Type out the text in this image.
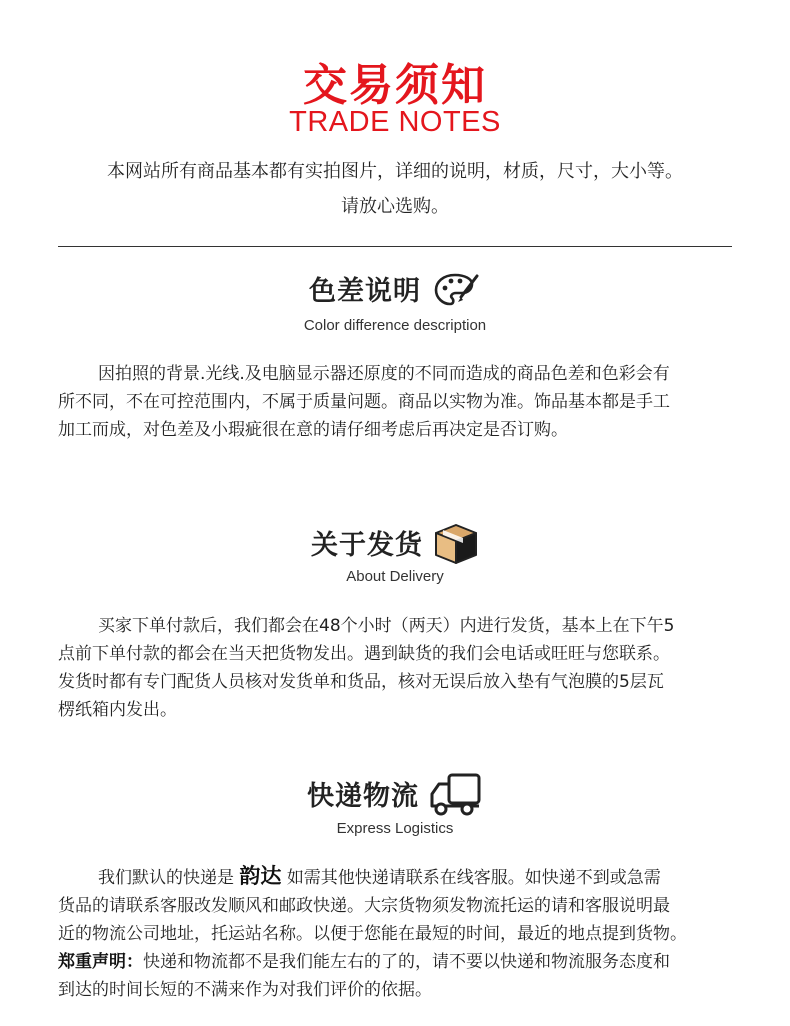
交易须知
TRADE NOTES
本网站所有商品基本都有实拍图片，详细的说明，材质，尺寸，大小等。
请放心选购。
色差说明
Color difference description

因拍照的背景.光线.及电脑显示器还原度的不同而造成的商品色差和色彩会有

所不同，不在可控范围内，不属于质量问题。商品以实物为准。饰品基本都是手工

加工而成，对色差及小瑕疵很在意的请仔细考虑后再决定是否订购。

关于发货
About Delivery

买家下单付款后，我们都会在48个小时（两天）内进行发货，基本上在下午5

点前下单付款的都会在当天把货物发出。遇到缺货的我们会电话或旺旺与您联系。

发货时都有专门配货人员核对发货单和货品，核对无误后放入垫有气泡膜的5层瓦

楞纸箱内发出。

快递物流
Express Logistics

我们默认的快递是 韵达 如需其他快递请联系在线客服。如快递不到或急需

货品的请联系客服改发顺风和邮政快递。大宗货物须发物流托运的请和客服说明最

近的物流公司地址，托运站名称。以便于您能在最短的时间，最近的地点提到货物。

郑重声明：快递和物流都不是我们能左右的了的，请不要以快递和物流服务态度和

到达的时间长短的不满来作为对我们评价的依据。
